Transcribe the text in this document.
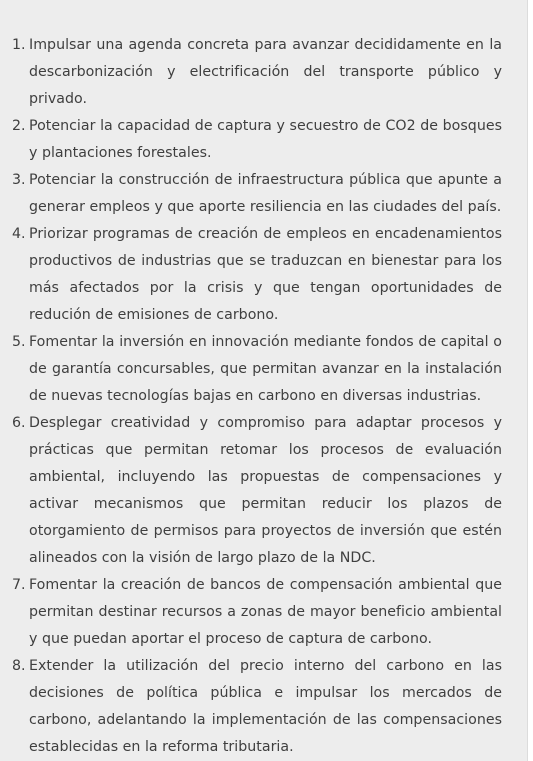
1. Impulsar una agenda concreta para avanzar decididamente en la descarbonización y electrificación del transporte público y privado.
2. Potenciar la capacidad de captura y secuestro de CO2 de bosques y plantaciones forestales.
3. Potenciar la construcción de infraestructura pública que apunte a generar empleos y que aporte resiliencia en las ciudades del país.
4. Priorizar programas de creación de empleos en encadenamientos productivos de industrias que se traduzcan en bienestar para los más afectados por la crisis y que tengan oportunidades de redución de emisiones de carbono.
5. Fomentar la inversión en innovación mediante fondos de capital o de garantía concursables, que permitan avanzar en la instalación de nuevas tecnologías bajas en carbono en diversas industrias.
6. Desplegar creatividad y compromiso para adaptar procesos y prácticas que permitan retomar los procesos de evaluación ambiental, incluyendo las propuestas de compensaciones y activar mecanismos que permitan reducir los plazos de otorgamiento de permisos para proyectos de inversión que estén alineados con la visión de largo plazo de la NDC.
7. Fomentar la creación de bancos de compensación ambiental que permitan destinar recursos a zonas de mayor beneficio ambiental y que puedan aportar el proceso de captura de carbono.
8. Extender la utilización del precio interno del carbono en las decisiones de política pública e impulsar los mercados de carbono, adelantando la implementación de las compensaciones establecidas en la reforma tributaria.
